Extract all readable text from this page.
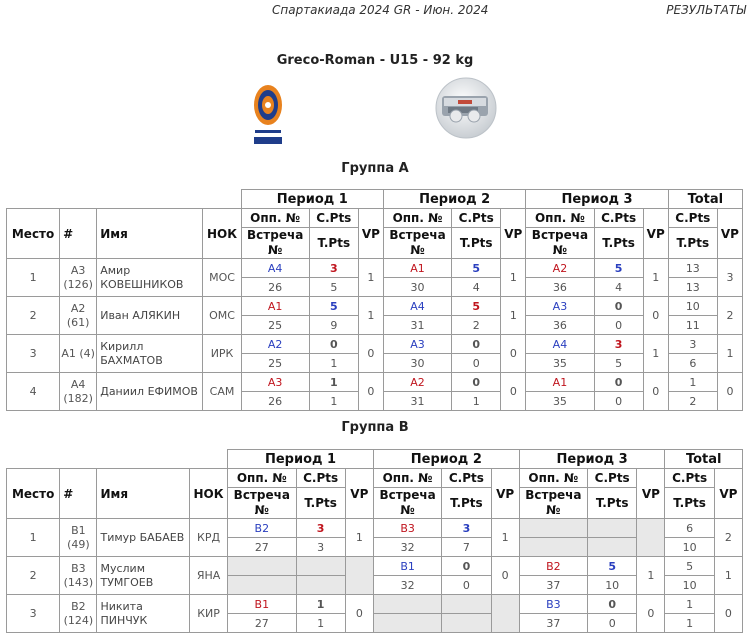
Спартакиада 2024 GR - Июн. 2024	РЕЗУЛЬТАТЫ
Greco-Roman - U15 - 92 kg
Группа A
				Период 1			Период 2			Период 3			Total	
Место	#	Имя	НОК	Опп. №	C.Pts	VP	Опп. №	C.Pts	VP	Опп. №	C.Pts	VP	C.Pts	VP
				Встреча №	T.Pts		Встреча №	T.Pts		Встреча №	T.Pts		T.Pts	
1	A3 (126)	Амир КОВЕШНИКОВ	MOC	A4	3	1	A1	5	1	A2	5	1	13	3
				26	5		30	4		36	4		13	
2	A2 (61)	Иван АЛЯКИН	OMC	A1	5	1	A4	5	1	A3	0	0	10	2
				25	9		31	2		36	0		11	
3	A1 (4)	Кирилл БАХМАТОВ	ИРК	A2	0	0	A3	0	0	A4	3	1	3	1
				25	1		30	0		35	5		6	
4	A4 (182)	Даниил ЕФИМОВ	CAM	A3	1	0	A2	0	0	A1	0	0	1	0
				26	1		31	1		35	0		2	
Группа B
				Период 1			Период 2			Период 3			Total	
Место	#	Имя	НОК	Опп. №	C.Pts	VP	Опп. №	C.Pts	VP	Опп. №	C.Pts	VP	C.Pts	VP
				Встреча №	T.Pts		Встреча №	T.Pts		Встреча №	T.Pts		T.Pts	
1	B1 (49)	Тимур БАБАЕВ	КРД	B2	3	1	B3	3	1				6	2
				27	3		32	7					10	
2	B3 (143)	Муслим ТУМГОЕВ	ЯНА				B1	0	0	B2	5	1	5	1
							32	0		37	10		10	
3	B2 (124)	Никита ПИНЧУК	КИР	B1	1	0				B3	0	0	1	0
				27	1					37	0		1	
